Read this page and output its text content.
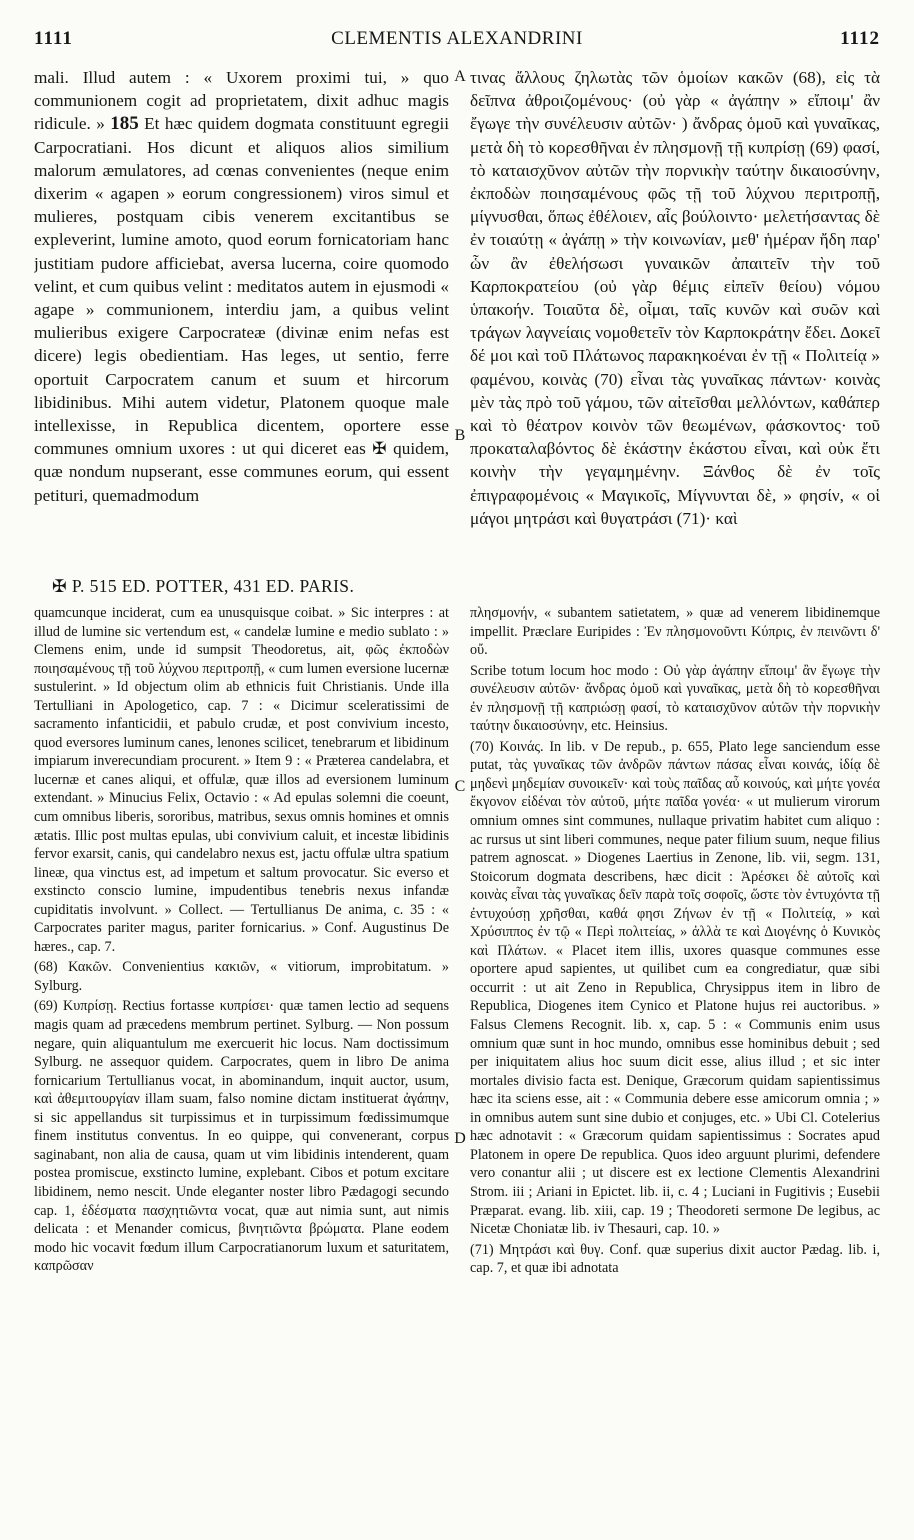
1111	CLEMENTIS ALEXANDRINI	1112
mali. Illud autem : « Uxorem proximi tui, » quo communionem cogit ad proprietatem, dixit adhuc magis ridicule. » 185 Et hæc quidem dogmata constituunt egregii Carpocratiani. Hos dicunt et aliquos alios similium malorum æmulatores, ad cœnas convenientes (neque enim dixerim « agapen » eorum congressionem) viros simul et mulieres, postquam cibis venerem excitantibus se expleverint, lumine amoto, quod eorum fornicatoriam hanc justitiam pudore afficiebat, aversa lucerna, coire quomodo velint, et cum quibus velint : meditatos autem in ejusmodi « agape » communionem, interdiu jam, a quibus velint mulieribus exigere Carpocrateæ (divinæ enim nefas est dicere) legis obedientiam. Has leges, ut sentio, ferre oportuit Carpocratem canum et suum et hircorum libidinibus. Mihi autem videtur, Platonem quoque male intellexisse, in Republica dicentem, oportere esse communes omnium uxores : ut qui diceret eas ✠ quidem, quæ nondum nupserant, esse communes eorum, qui essent petituri, quemadmodum
τινας ἄλλους ζηλωτὰς τῶν ὁμοίων κακῶν (68), εἰς τὰ δεῖπνα ἀθροιζομένους· (οὐ γὰρ « ἀγάπην » εἴποιμ' ἂν ἔγωγε τὴν συνέλευσιν αὐτῶν· ) ἄνδρας ὁμοῦ καὶ γυναῖκας, μετὰ δὴ τὸ κορεσθῆναι ἐν πλησμονῇ τῇ κυπρίσῃ (69) φασί, τὸ καταισχῦνον αὐτῶν τὴν πορνικὴν ταύτην δικαιοσύνην, ἐκποδὼν ποιησαμένους φῶς τῇ τοῦ λύχνου περιτροπῇ, μίγνυσθαι, ὅπως ἐθέλοιεν, αἷς βούλοιντο· μελετήσαντας δὲ ἐν τοιαύτῃ « ἀγάπῃ » τὴν κοινωνίαν, μεθ' ἡμέραν ἤδη παρ' ὧν ἂν ἐθελήσωσι γυναικῶν ἀπαιτεῖν τὴν τοῦ Καρποκρατείου (οὐ γὰρ θέμις εἰπεῖν θείου) νόμου ὑπακοήν. Τοιαῦτα δὲ, οἶμαι, ταῖς κυνῶν καὶ συῶν καὶ τράγων λαγνείαις νομοθετεῖν τὸν Καρποκράτην ἔδει. Δοκεῖ δέ μοι καὶ τοῦ Πλάτωνος παρακηκοέναι ἐν τῇ « Πολιτείᾳ » φαμένου, κοινὰς (70) εἶναι τὰς γυναῖκας πάντων· κοινὰς μὲν τὰς πρὸ τοῦ γάμου, τῶν αἰτεῖσθαι μελλόντων, καθάπερ καὶ τὸ θέατρον κοινὸν τῶν θεωμένων, φάσκοντος· τοῦ προκαταλαβόντος δὲ ἑκάστην ἑκάστου εἶναι, καὶ οὐκ ἔτι κοινὴν τὴν γεγαμημένην. Ξάνθος δὲ ἐν τοῖς ἐπιγραφομένοις « Μαγικοῖς, Μίγνυνται δὲ, » φησίν, « οἱ μάγοι μητράσι καὶ θυγατράσι (71)· καὶ
A
B
C
D
✠ P. 515 ED. POTTER, 431 ED. PARIS.

quamcunque inciderat, cum ea unusquisque coibat. » Sic interpres : at illud de lumine sic vertendum est, « candelæ lumine e medio sublato : » Clemens enim, unde id sumpsit Theodoretus, ait, φῶς ἐκποδὼν ποιησαμένους τῇ τοῦ λύχνου περιτροπῇ, « cum lumen eversione lucernæ sustulerint. » Id objectum olim ab ethnicis fuit Christianis. Unde illa Tertulliani in Apologetico, cap. 7 : « Dicimur sceleratissimi de sacramento infanticidii, et pabulo crudæ, et post convivium incesto, quod eversores luminum canes, lenones scilicet, tenebrarum et libidinum impiarum inverecundiam procurent. » Item 9 : « Præterea candelabra, et lucernæ et canes aliqui, et offulæ, quæ illos ad eversionem luminum extendant. » Minucius Felix, Octavio : « Ad epulas solemni die coeunt, cum omnibus liberis, sororibus, matribus, sexus omnis homines et omnis ætatis. Illic post multas epulas, ubi convivium caluit, et incestæ libidinis fervor exarsit, canis, qui candelabro nexus est, jactu offulæ ultra spatium lineæ, qua vinctus est, ad impetum et saltum provocatur. Sic everso et exstincto conscio lumine, impudentibus tenebris nexus infandæ cupiditatis involvunt. » Collect. — Tertullianus De anima, c. 35 : « Carpocrates pariter magus, pariter fornicarius. » Conf. Augustinus De hæres., cap. 7.

(68) Κακῶν. Convenientius κακιῶν, « vitiorum, improbitatum. » Sylburg.

(69) Κυπρίσῃ. Rectius fortasse κυπρίσει· quæ tamen lectio ad sequens magis quam ad præcedens membrum pertinet. Sylburg. — Non possum negare, quin aliquantulum me exercuerit hic locus. Nam doctissimum Sylburg. ne assequor quidem. Carpocrates, quem in libro De anima fornicarium Tertullianus vocat, in abominandum, inquit auctor, usum, καὶ ἀθεμιτουργίαν illam suam, falso nomine dictam instituerat ἀγάπην, si sic appellandus sit turpissimus et in turpissimum fœdissimumque finem institutus conventus. In eo quippe, qui convenerant, corpus saginabant, non alia de causa, quam ut vim libidinis intenderent, quam postea promiscue, exstincto lumine, explebant. Cibos et potum excitare libidinem, nemo nescit. Unde eleganter noster libro Pædagogi secundo cap. 1, ἐδέσματα πασχητιῶντα vocat, quæ aut nimia sunt, aut nimis delicata : et Menander comicus, βινητιῶντα βρώματα. Plane eodem modo hic vocavit fœdum illum Carpocratianorum luxum et saturitatem, καπρῶσαν

πλησμονήν, « subantem satietatem, » quæ ad venerem libidinemque impellit. Præclare Euripides : Ἐν πλησμονοῦντι Κύπρις, ἐν πεινῶντι δ' οὔ.

Scribe totum locum hoc modo : Οὐ γὰρ ἀγάπην εἴποιμ' ἂν ἔγωγε τὴν συνέλευσιν αὐτῶν· ἄνδρας ὁμοῦ καὶ γυναῖκας, μετὰ δὴ τὸ κορεσθῆναι ἐν πλησμονῇ τῇ καπριώσῃ φασί, τὸ καταισχῦνον αὐτῶν τὴν πορνικὴν ταύτην δικαιοσύνην, etc. Heinsius.

(70) Κοινάς. In lib. v De repub., p. 655, Plato lege sanciendum esse putat, τὰς γυναῖκας τῶν ἀνδρῶν πάντων πάσας εἶναι κοινάς, ἰδίᾳ δὲ μηδενὶ μηδεμίαν συνοικεῖν· καὶ τοὺς παῖδας αὖ κοινούς, καὶ μήτε γονέα ἔκγονον εἰδέναι τὸν αὐτοῦ, μήτε παῖδα γονέα· « ut mulierum virorum omnium omnes sint communes, nullaque privatim habitet cum aliquo : ac rursus ut sint liberi communes, neque pater filium suum, neque filius patrem agnoscat. » Diogenes Laertius in Zenone, lib. vii, segm. 131, Stoicorum dogmata describens, hæc dicit : Ἀρέσκει δὲ αὐτοῖς καὶ κοινὰς εἶναι τὰς γυναῖκας δεῖν παρὰ τοῖς σοφοῖς, ὥστε τὸν ἐντυχόντα τῇ ἐντυχούσῃ χρῆσθαι, καθά φησι Ζήνων ἐν τῇ « Πολιτείᾳ, » καὶ Χρύσιππος ἐν τῷ « Περὶ πολιτείας, » ἀλλὰ τε καὶ Διογένης ὁ Κυνικὸς καὶ Πλάτων. « Placet item illis, uxores quasque communes esse oportere apud sapientes, ut quilibet cum ea congrediatur, quæ sibi occurrit : ut ait Zeno in Republica, Chrysippus item in libro de Republica, Diogenes item Cynico et Platone hujus rei auctoribus. » Falsus Clemens Recognit. lib. x, cap. 5 : « Communis enim usus omnium quæ sunt in hoc mundo, omnibus esse hominibus debuit ; sed per iniquitatem alius hoc suum dicit esse, alius illud ; et sic inter mortales divisio facta est. Denique, Græcorum quidam sapientissimus hæc ita sciens esse, ait : « Communia debere esse amicorum omnia ; » in omnibus autem sunt sine dubio et conjuges, etc. » Ubi Cl. Cotelerius hæc adnotavit : « Græcorum quidam sapientissimus : Socrates apud Platonem in opere De republica. Quos ideo arguunt plurimi, defendere vero conantur alii ; ut discere est ex lectione Clementis Alexandrini Strom. iii ; Ariani in Epictet. lib. ii, c. 4 ; Luciani in Fugitivis ; Eusebii Præparat. evang. lib. xiii, cap. 19 ; Theodoreti sermone De legibus, ac Nicetæ Choniatæ lib. iv Thesauri, cap. 10. »

(71) Μητράσι καὶ θυγ. Conf. quæ superius dixit auctor Pædag. lib. i, cap. 7, et quæ ibi adnotata
